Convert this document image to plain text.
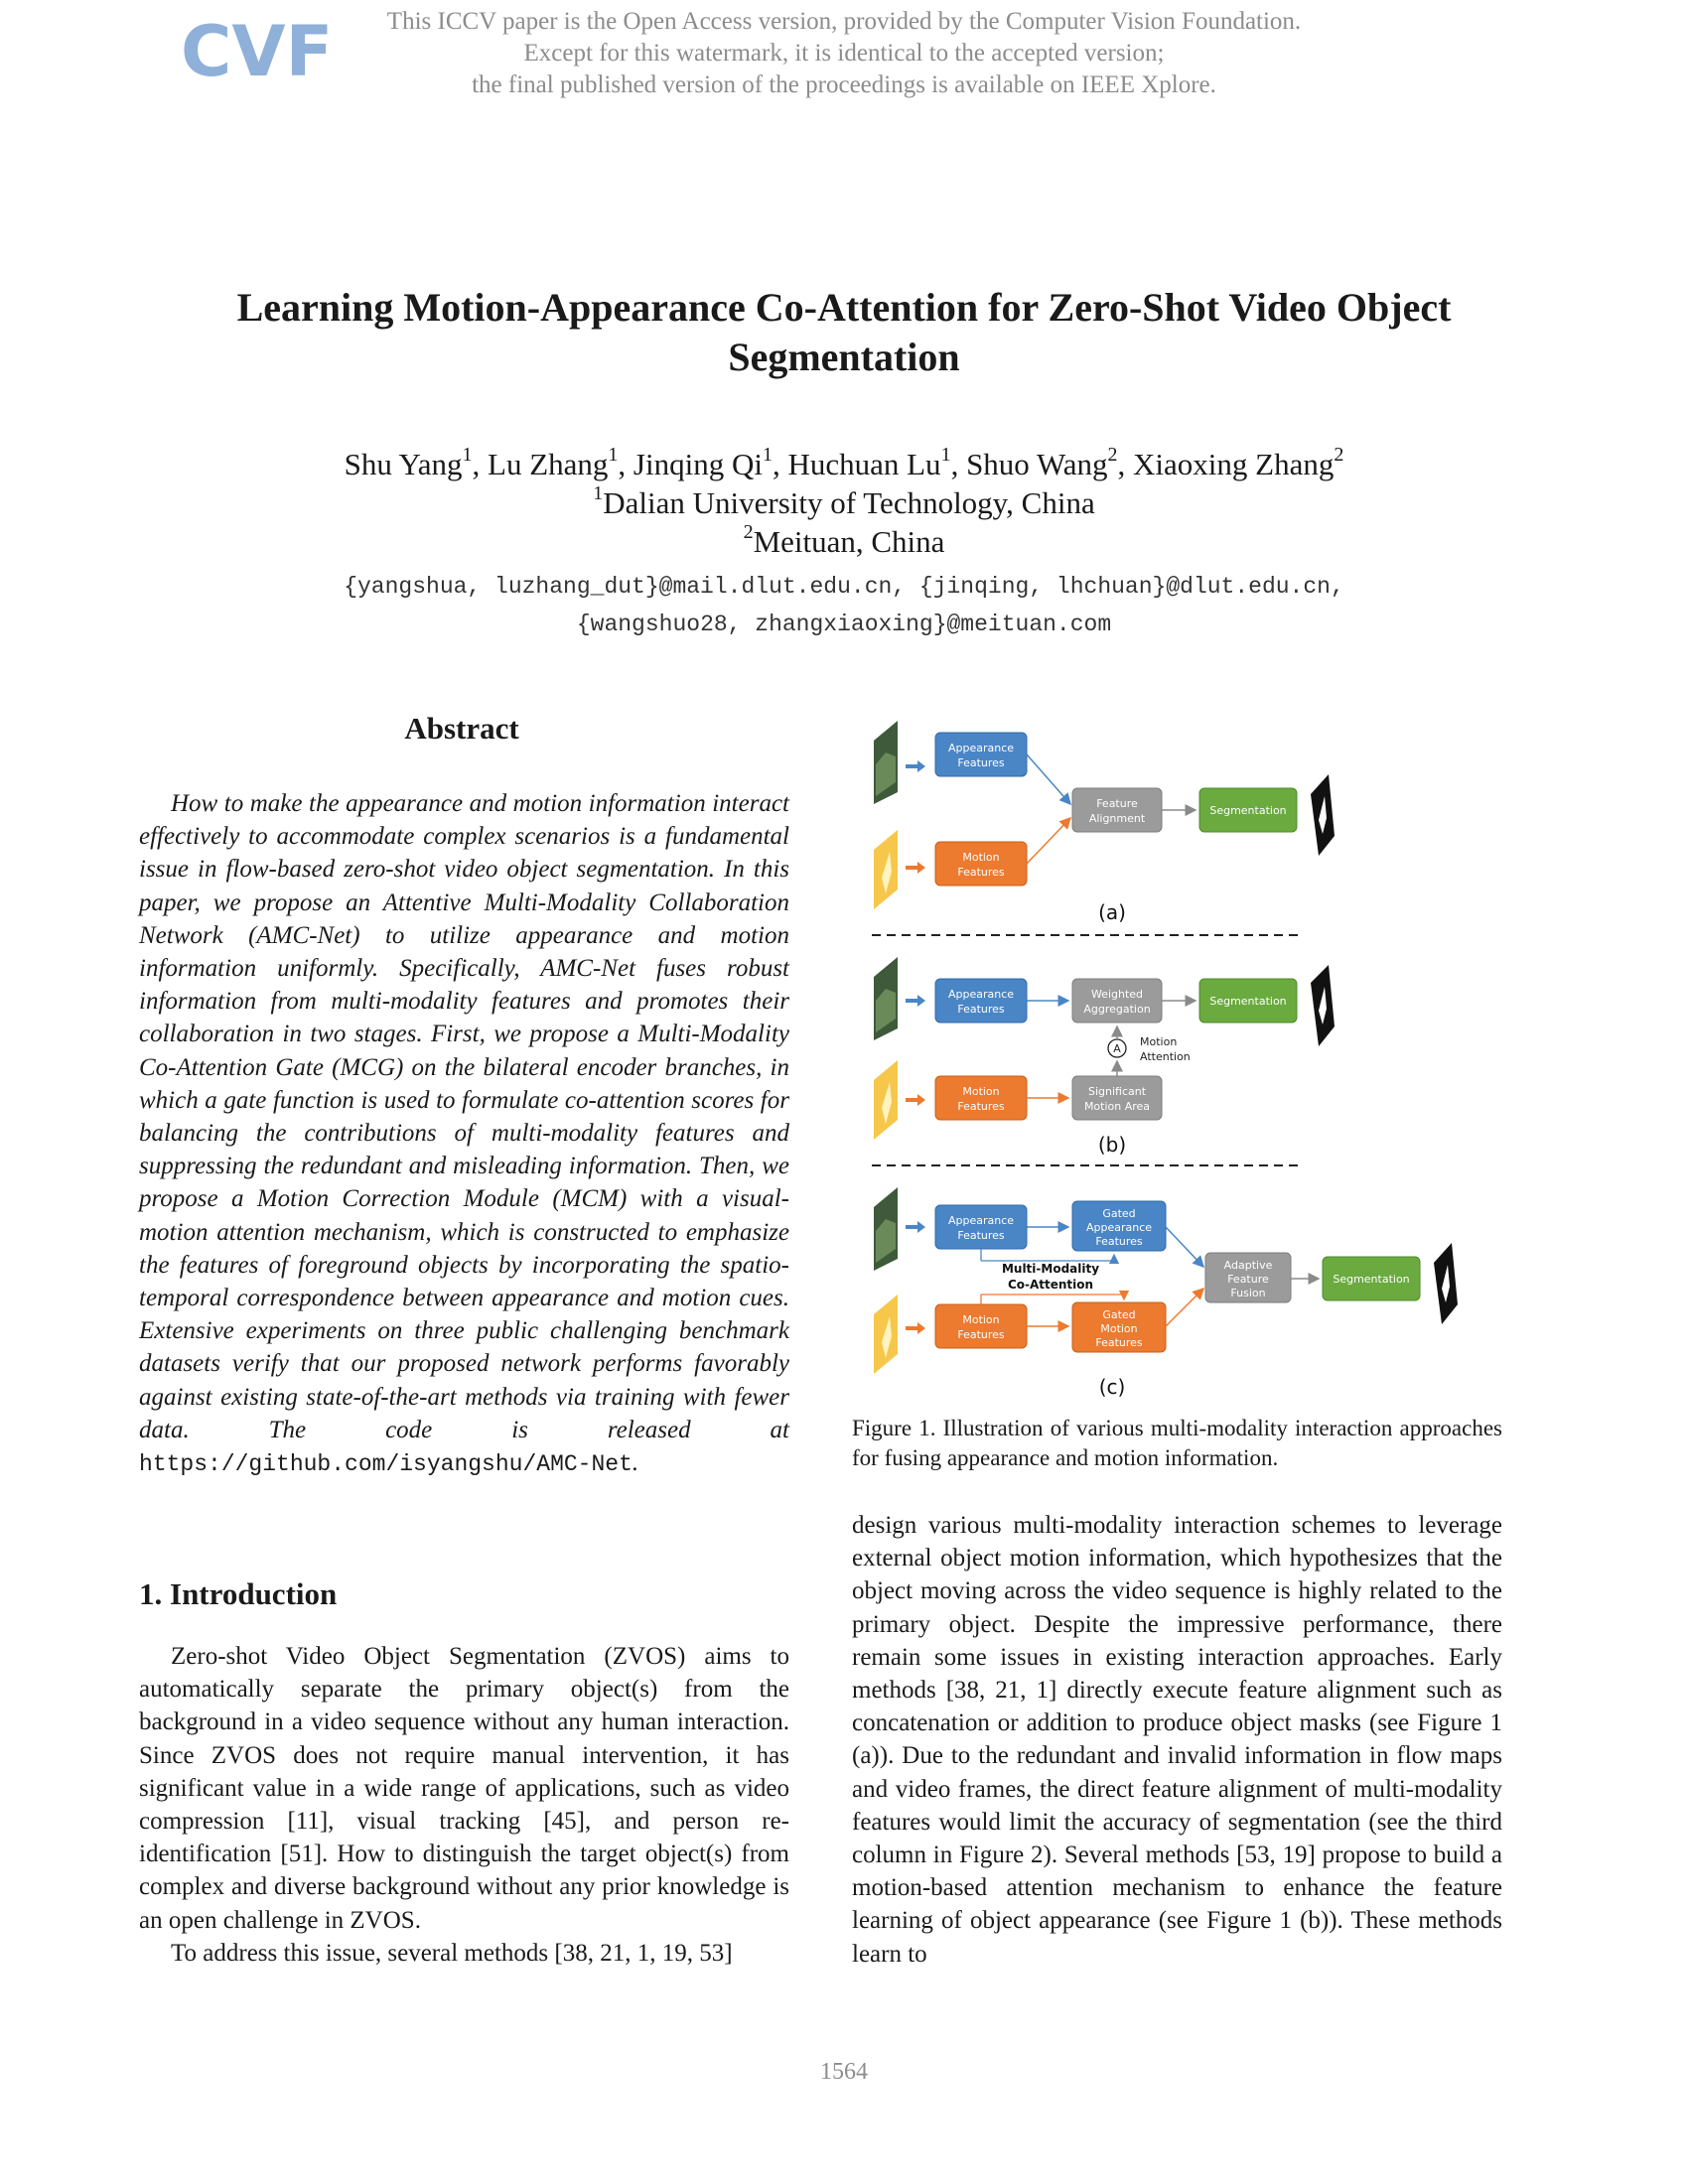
CVF	This ICCV paper is the Open Access version, provided by the Computer Vision Foundation.
Except for this watermark, it is identical to the accepted version;
the final published version of the proceedings is available on IEEE Xplore.
Learning Motion-Appearance Co-Attention for Zero-Shot Video Object
Segmentation
Shu Yang$^1$, Lu Zhang$^1$, Jinqing Qi$^1$, Huchuan Lu$^1$, Shuo Wang$^2$, Xiaoxing Zhang$^2$
$^1$Dalian University of Technology, China
$^2$Meituan, China
{yangshua, luzhang_dut}@mail.dlut.edu.cn, {jinqing, lhchuan}@dlut.edu.cn,
{wangshuo28, zhangxiaoxing}@meituan.com
Abstract

How to make the appearance and motion information interact effectively to accommodate complex scenarios is a fundamental issue in flow-based zero-shot video object segmentation. In this paper, we propose an Attentive Multi-Modality Collaboration Network (AMC-Net) to utilize appearance and motion information uniformly. Specifically, AMC-Net fuses robust information from multi-modality features and promotes their collaboration in two stages. First, we propose a Multi-Modality Co-Attention Gate (MCG) on the bilateral encoder branches, in which a gate function is used to formulate co-attention scores for balancing the contributions of multi-modality features and suppressing the redundant and misleading information. Then, we propose a Motion Correction Module (MCM) with a visual-motion attention mechanism, which is constructed to emphasize the features of foreground objects by incorporating the spatio-temporal correspondence between appearance and motion cues. Extensive experiments on three public challenging benchmark datasets verify that our proposed network performs favorably against existing state-of-the-art methods via training with fewer data. The code is released at https://github.com/isyangshu/AMC-Net.

1. Introduction

Zero-shot Video Object Segmentation (ZVOS) aims to automatically separate the primary object(s) from the background in a video sequence without any human interaction. Since ZVOS does not require manual intervention, it has significant value in a wide range of applications, such as video compression [11], visual tracking [45], and person re-identification [51]. How to distinguish the target object(s) from complex and diverse background without any prior knowledge is an open challenge in ZVOS.

To address this issue, several methods [38, 21, 1, 19, 53]

Appearance
Features
Motion
Features
Feature
Alignment
Segmentation
(a)
Appearance
Features
Weighted
Aggregation
Segmentation
Motion
Features
Significant
Motion Area
A
Motion
Attention
(b)
Appearance
Features
Motion
Features
Gated
Appearance
Features
Gated
Motion
Features
Multi-Modality
Co-Attention
Adaptive
Feature
Fusion
Segmentation
(c)
Figure 1. Illustration of various multi-modality interaction approaches for fusing appearance and motion information.

design various multi-modality interaction schemes to leverage external object motion information, which hypothesizes that the object moving across the video sequence is highly related to the primary object. Despite the impressive performance, there remain some issues in existing interaction approaches. Early methods [38, 21, 1] directly execute feature alignment such as concatenation or addition to produce object masks (see Figure 1 (a)). Due to the redundant and invalid information in flow maps and video frames, the direct feature alignment of multi-modality features would limit the accuracy of segmentation (see the third column in Figure 2). Several methods [53, 19] propose to build a motion-based attention mechanism to enhance the feature learning of object appearance (see Figure 1 (b)). These methods learn to

1564
